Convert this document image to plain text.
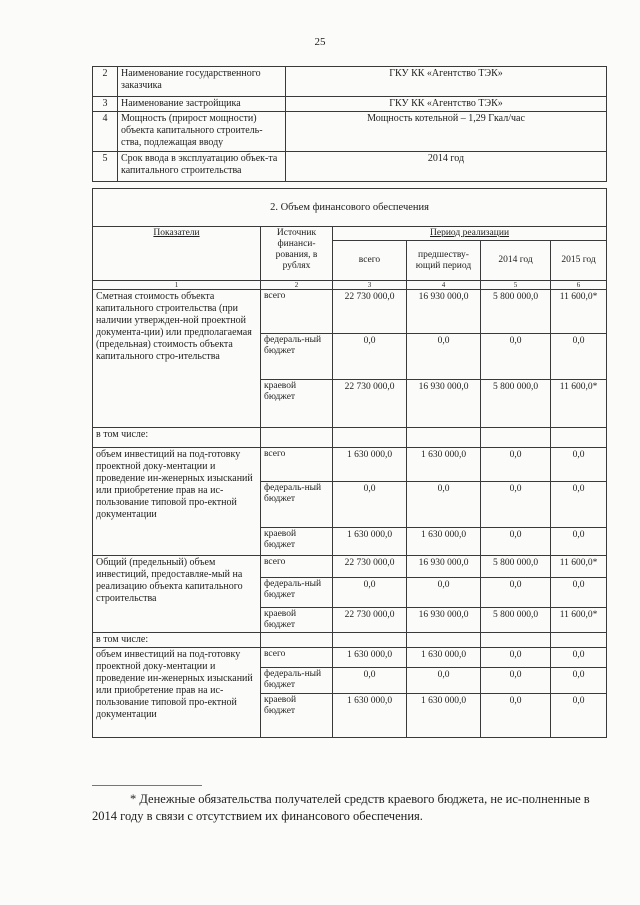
25
2	Наименование государственного заказчика	ГКУ КК «Агентство ТЭК»
3	Наименование застройщика	ГКУ КК «Агентство ТЭК»
4	Мощность (прирост мощности) объекта капитального строитель-ства, подлежащая вводу	Мощность котельной – 1,29 Гкал/час
5	Срок ввода в эксплуатацию объек-та капитального строительства	2014 год
2. Объем финансового обеспечения					
Показатели	Источник финанси-рования, в рублях	Период реализации			
		всего	предшеству-ющий период	2014 год	2015 год
1	2	3	4	5	6
Сметная стоимость объекта капитального строительства (при наличии утвержден-ной проектной документа-ции) или предполагаемая (предельная) стоимость объекта капитального стро-ительства	всего	22 730 000,0	16 930 000,0	5 800 000,0	11 600,0*
	федераль-ный бюджет	0,0	0,0	0,0	0,0
	краевой бюджет	22 730 000,0	16 930 000,0	5 800 000,0	11 600,0*
в том числе:					
объем инвестиций на под-готовку проектной доку-ментации и проведение ин-женерных изысканий или приобретение прав на ис-пользование типовой про-ектной документации	всего	1 630 000,0	1 630 000,0	0,0	0,0
	федераль-ный бюджет	0,0	0,0	0,0	0,0
	краевой бюджет	1 630 000,0	1 630 000,0	0,0	0,0
Общий (предельный) объем инвестиций, предоставляе-мый на реализацию объекта капитального строительства	всего	22 730 000,0	16 930 000,0	5 800 000,0	11 600,0*
	федераль-ный бюджет	0,0	0,0	0,0	0,0
	краевой бюджет	22 730 000,0	16 930 000,0	5 800 000,0	11 600,0*
в том числе:					
объем инвестиций на под-готовку проектной доку-ментации и проведение ин-женерных изысканий или приобретение прав на ис-пользование типовой про-ектной документации	всего	1 630 000,0	1 630 000,0	0,0	0,0
	федераль-ный бюджет	0,0	0,0	0,0	0,0
	краевой бюджет	1 630 000,0	1 630 000,0	0,0	0,0
* Денежные обязательства получателей средств краевого бюджета, не ис-полненные в 2014 году в связи с отсутствием их финансового обеспечения.
